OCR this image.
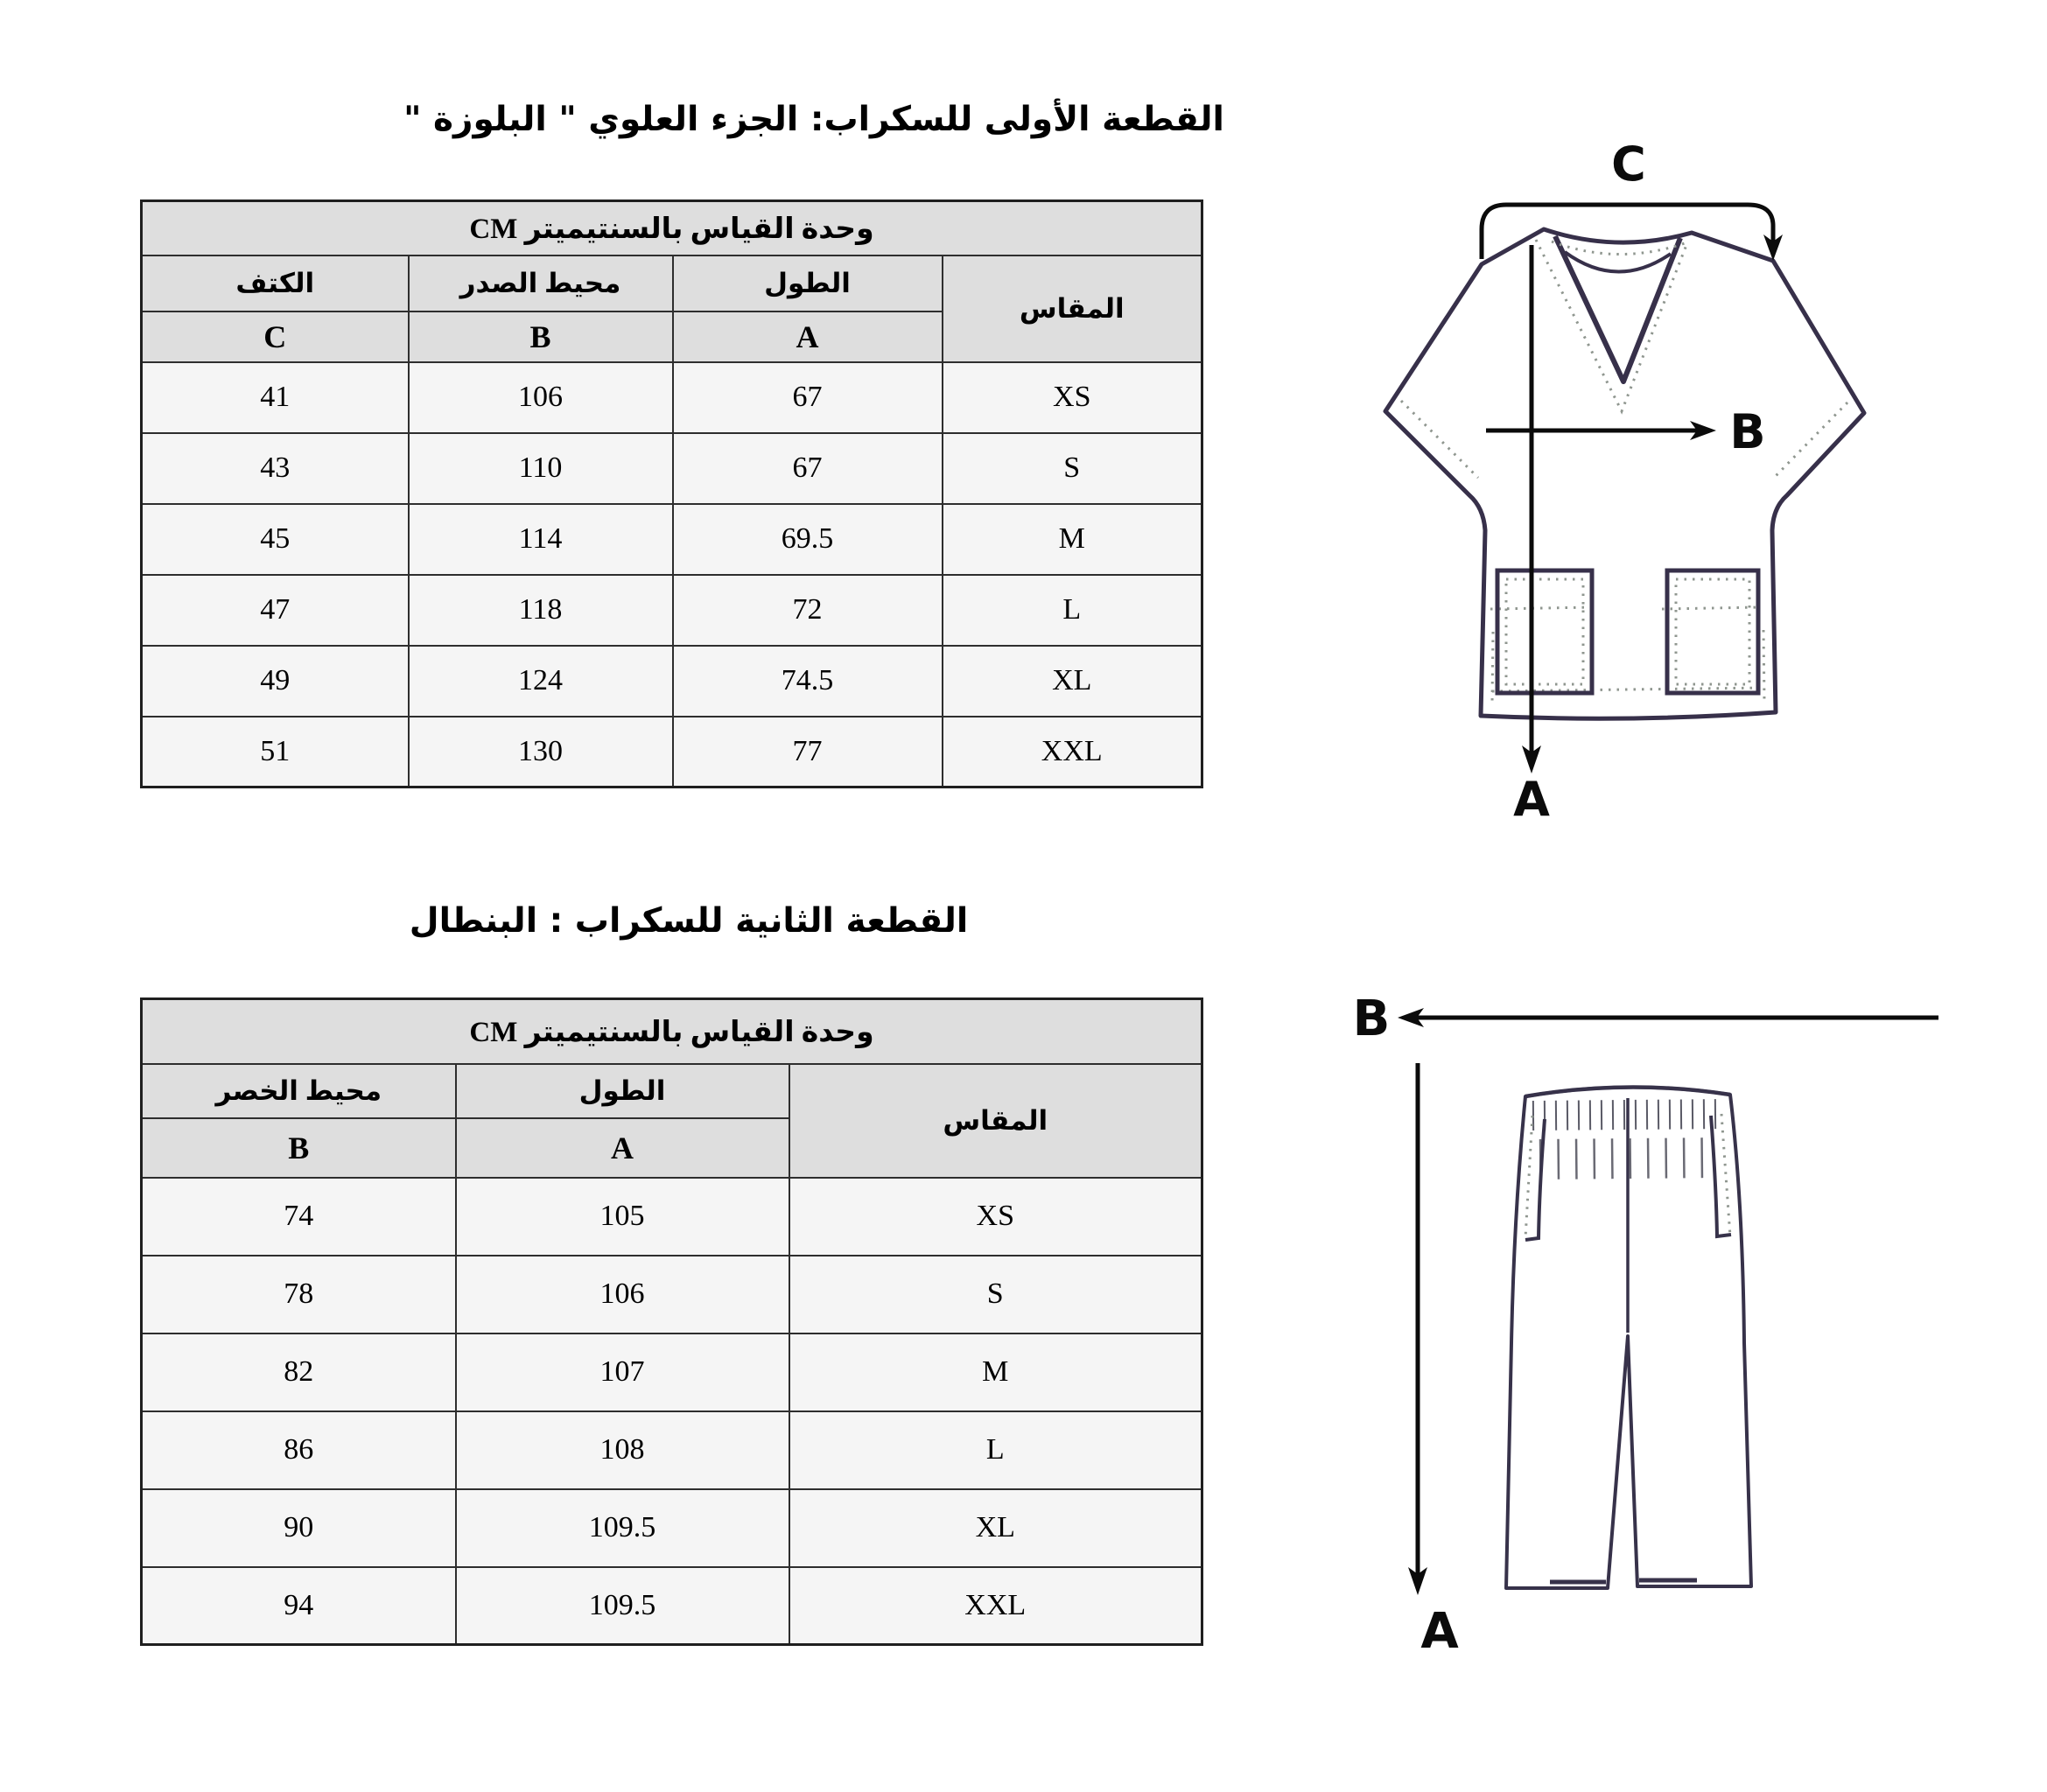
القطعة الأولى للسكراب: الجزء العلوي " البلوزة "
وحدة القياس بالسنتيميتر CM			
المقاس	الطول	محيط الصدر	الكتف
	A	B	C
XS	67	106	41
S	67	110	43
M	69.5	114	45
L	72	118	47
XL	74.5	124	49
XXL	77	130	51
A
B
C
القطعة الثانية للسكراب : البنطال
وحدة القياس بالسنتيميتر CM		
المقاس	الطول	محيط الخصر
	A	B
XS	105	74
S	106	78
M	107	82
L	108	86
XL	109.5	90
XXL	109.5	94
B
A
